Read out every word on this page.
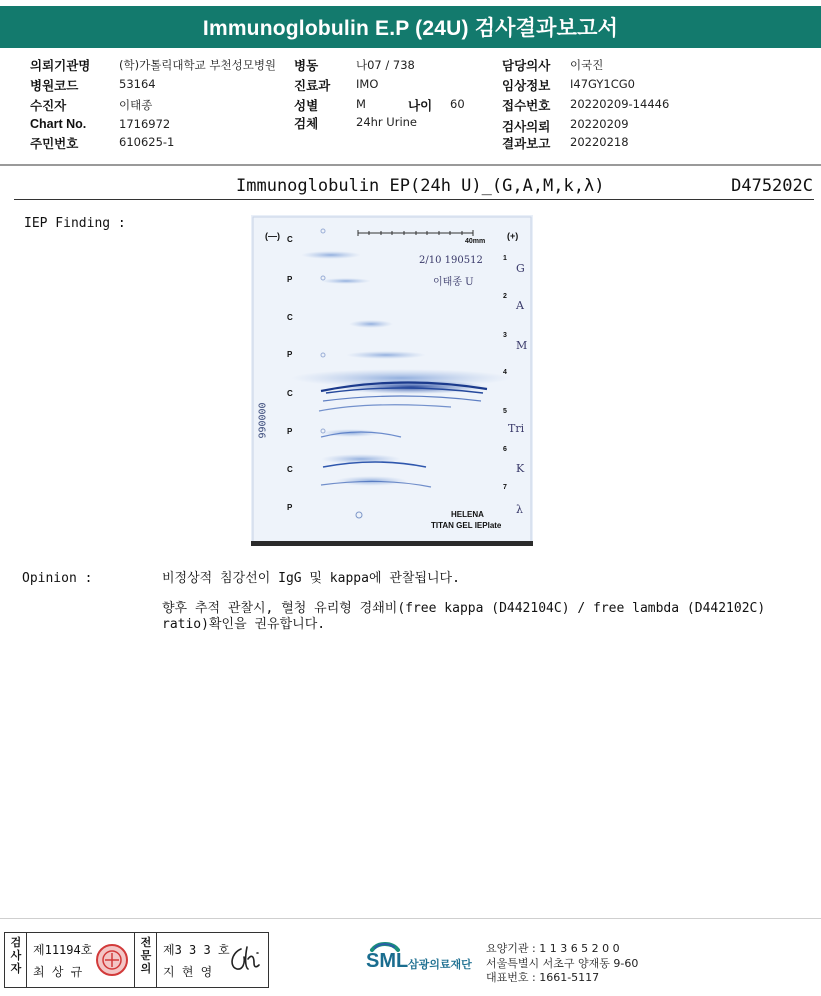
Immunoglobulin E.P (24U) 검사결과보고서
의뢰기관명 (학)가톨릭대학교 부천성모병원
병원코드	53164
수진자	이태종
Chart No.	1716972
주민번호	610625-1
병동	나07 / 738
진료과 IMO
성별	M	나이 60
검체	24hr Urine
담당의사 이국진
임상정보 I47GY1CG0
접수번호 20220209-14446
검사의뢰 20220209
결과보고 20220218
Immunoglobulin EP(24h U)_(G,A,M,k,λ)	D475202C
IEP Finding :
(—)	(+)
40mm
2/10 190512
이태종 U
000066
HELENA
TITAN GEL IEPlate
C
P
C
P
C
P
C
P
1
2
3
4
5
6
7
G
A
M
Tri
K
λ
Opinion :	비정상적 침강선이 IgG 및 kappa에 관찰됩니다.
향후 추적 관찰시, 혈청 유리형 경쇄비(free kappa (D442104C) / free lambda (D442102C) ratio)확인을 권유합니다.
검사자
제11194호
최 상 규
전문의
제3 3 3 호
지 현 영	SML 삼광의료재단
요양기관 : 1 1 3 6 5 2 0 0
서울특별시 서초구 양재동 9-60
대표번호 : 1661-5117
